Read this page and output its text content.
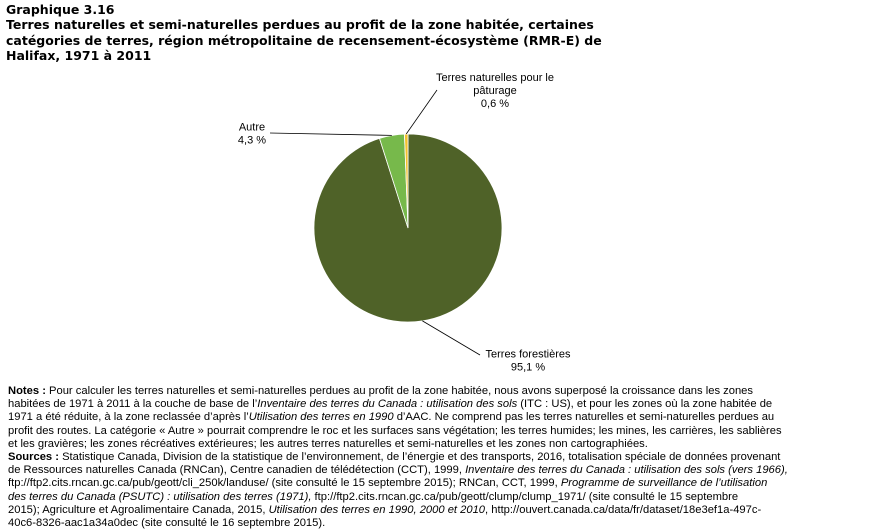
Graphique 3.16
Terres naturelles et semi-naturelles perdues au profit de la zone habitée, certaines
catégories de terres, région métropolitaine de recensement-écosystème (RMR-E) de
Halifax, 1971 à 2011
Terres forestières 95,1 %
Autre 4,3 %
Terres naturelles pour le pâturage 0,6 %

Notes : Pour calculer les terres naturelles et semi-naturelles perdues au profit de la zone habitée, nous avons superposé la croissance dans les zones
habitées de 1971 à 2011 à la couche de base de l’Inventaire des terres du Canada : utilisation des sols (ITC : US), et pour les zones où la zone habitée de
1971 a été réduite, à la zone reclassée d’après l’Utilisation des terres en 1990 d’AAC. Ne comprend pas les terres naturelles et semi-naturelles perdues au
profit des routes. La catégorie « Autre » pourrait comprendre le roc et les surfaces sans végétation; les terres humides; les mines, les carrières, les sablières
et les gravières; les zones récréatives extérieures; les autres terres naturelles et semi-naturelles et les zones non cartographiées.

Sources : Statistique Canada, Division de la statistique de l’environnement, de l’énergie et des transports, 2016, totalisation spéciale de données provenant
de Ressources naturelles Canada (RNCan), Centre canadien de télédétection (CCT), 1999, Inventaire des terres du Canada : utilisation des sols (vers 1966),
ftp://ftp2.cits.rncan.gc.ca/pub/geott/cli_250k/landuse/ (site consulté le 15 septembre 2015); RNCan, CCT, 1999, Programme de surveillance de l’utilisation
des terres du Canada (PSUTC) : utilisation des terres (1971), ftp://ftp2.cits.rncan.gc.ca/pub/geott/clump/clump_1971/ (site consulté le 15 septembre
2015); Agriculture et Agroalimentaire Canada, 2015, Utilisation des terres en 1990, 2000 et 2010, http://ouvert.canada.ca/data/fr/dataset/18e3ef1a-497c-
40c6-8326-aac1a34a0dec (site consulté le 16 septembre 2015).
